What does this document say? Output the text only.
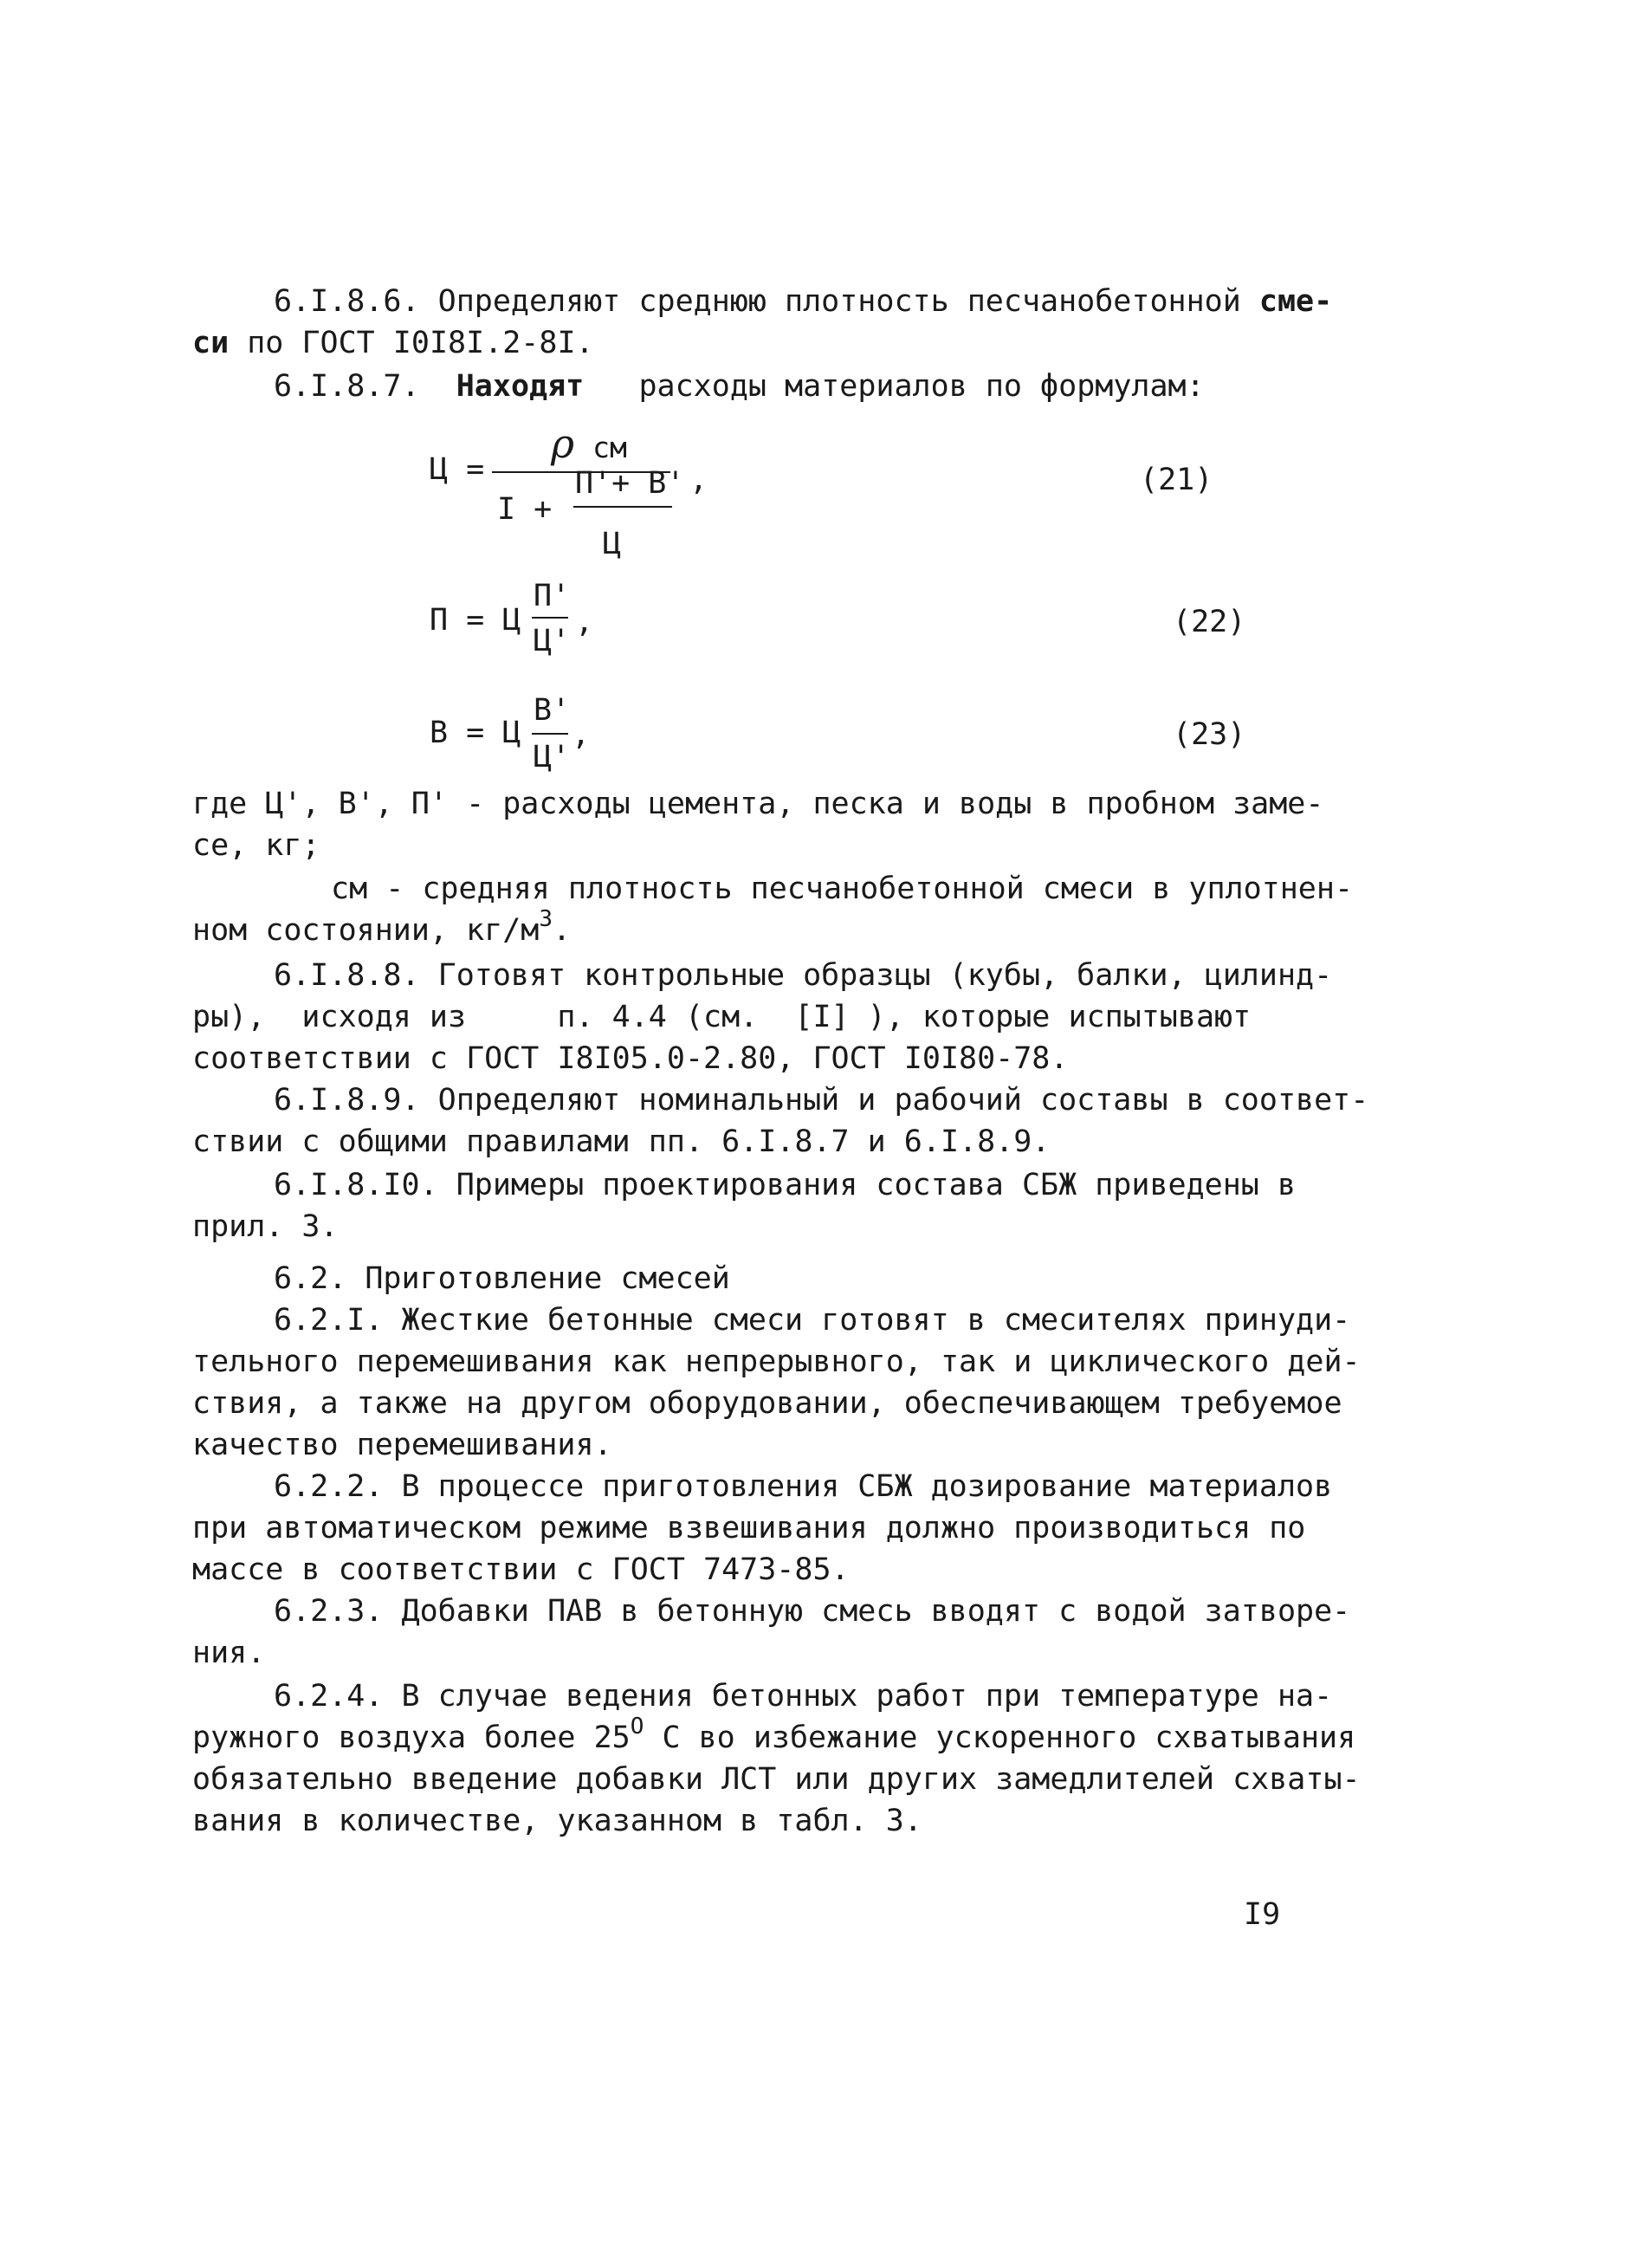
6.I.8.6. Определяют среднюю плотность песчанобетонной сме-
си по ГОСТ I0I8I.2-8I.
6.I.8.7. Находят расходы материалов по формулам:
Ц =
ρ см
I +
П'+ В'
Ц
,	(21)
П = Ц
П'
Ц'
,	(22)
В = Ц
В'
Ц'
,	(23)
где Ц', В', П' - расходы цемента, песка и воды в пробном заме-
се, кг;
см - средняя плотность песчанобетонной смеси в уплотнен-
ном состоянии, $кг/м^3$.
6.I.8.8. Готовят контрольные образцы (кубы, балки, цилинд-
ры),  исходя из     п. 4.4 (см.  [I] ), которые испытывают
соответствии с ГОСТ I8I05.0-2.80, ГОСТ I0I80-78.
6.I.8.9. Определяют номинальный и рабочий составы в соответ-
ствии с общими правилами пп. 6.I.8.7 и 6.I.8.9.
6.I.8.I0. Примеры проектирования состава СБЖ приведены в
прил. 3.
6.2. Приготовление смесей
6.2.I. Жесткие бетонные смеси готовят в смесителях принуди-
тельного перемешивания как непрерывного, так и циклического дей-
ствия, а также на другом оборудовании, обеспечивающем требуемое
качество перемешивания.
6.2.2. В процессе приготовления СБЖ дозирование материалов
при автоматическом режиме взвешивания должно производиться по
массе в соответствии с ГОСТ 7473-85.
6.2.3. Добавки ПАВ в бетонную смесь вводят с водой затворе-
ния.
6.2.4. В случае ведения бетонных работ при температуре на-
ружного воздуха более $25^O$ С во избежание ускоренного схватывания
обязательно введение добавки ЛСТ или других замедлителей схваты-
вания в количестве, указанном в табл. 3.
I9
